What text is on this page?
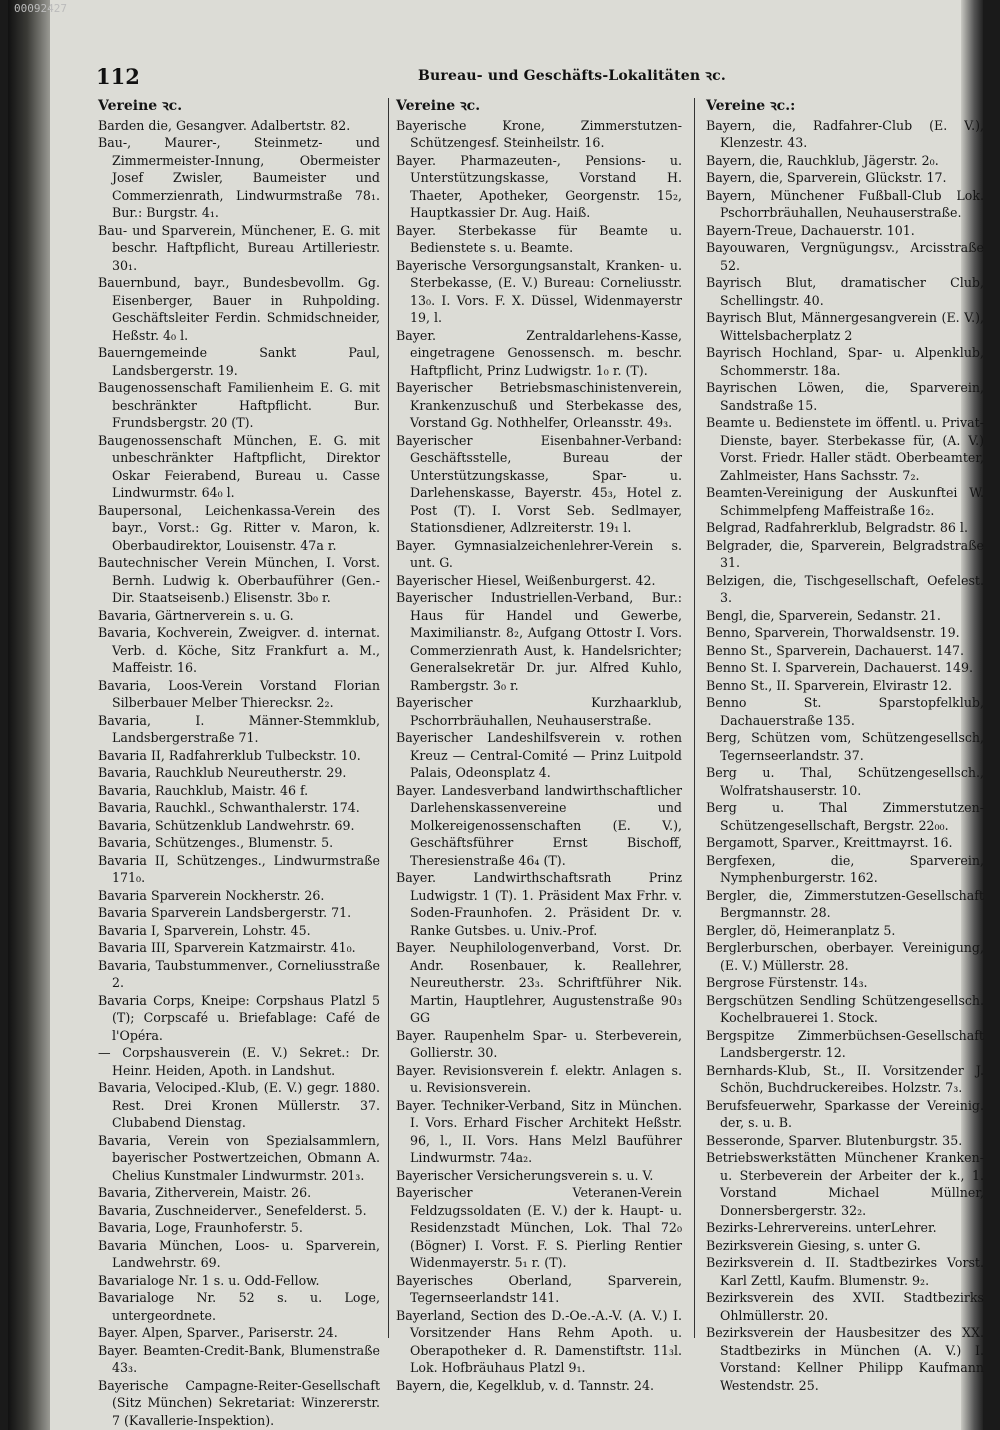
00092427
112	Bureau- und Geschäfts-Lokalitäten ꝛc.
Vereine ꝛc.
Barden die, Gesangver. Adalbertstr. 82.
Bau-, Maurer-, Steinmetz- und Zimmermeister-Innung, Obermeister Josef Zwisler, Baumeister und Commerzienrath, Lindwurmstraße 78₁. Bur.: Burgstr. 4₁.
Bau- und Sparverein, Münchener, E. G. mit beschr. Haftpflicht, Bureau Artilleriestr. 30₁.
Bauernbund, bayr., Bundesbevollm. Gg. Eisenberger, Bauer in Ruhpolding. Geschäftsleiter Ferdin. Schmidschneider, Heßstr. 4₀ l.
Bauerngemeinde Sankt Paul, Landsbergerstr. 19.
Baugenossenschaft Familienheim E. G. mit beschränkter Haftpflicht. Bur. Frundsbergstr. 20 (T).
Baugenossenschaft München, E. G. mit unbeschränkter Haftpflicht, Direktor Oskar Feierabend, Bureau u. Casse Lindwurmstr. 64₀ l.
Baupersonal, Leichenkassa-Verein des bayr., Vorst.: Gg. Ritter v. Maron, k. Oberbaudirektor, Louisenstr. 47a r.
Bautechnischer Verein München, I. Vorst. Bernh. Ludwig k. Oberbauführer (Gen.-Dir. Staatseisenb.) Elisenstr. 3b₀ r.
Bavaria, Gärtnerverein s. u. G.
Bavaria, Kochverein, Zweigver. d. internat. Verb. d. Köche, Sitz Frankfurt a. M., Maffeistr. 16.
Bavaria, Loos-Verein Vorstand Florian Silberbauer Melber Thierecksr. 2₂.
Bavaria, I. Männer-Stemmklub, Landsbergerstraße 71.
Bavaria II, Radfahrerklub Tulbeckstr. 10.
Bavaria, Rauchklub Neureutherstr. 29.
Bavaria, Rauchklub, Maistr. 46 f.
Bavaria, Rauchkl., Schwanthalerstr. 174.
Bavaria, Schützenklub Landwehrstr. 69.
Bavaria, Schützenges., Blumenstr. 5.
Bavaria II, Schützenges., Lindwurmstraße 171₀.
Bavaria Sparverein Nockherstr. 26.
Bavaria Sparverein Landsbergerstr. 71.
Bavaria I, Sparverein, Lohstr. 45.
Bavaria III, Sparverein Katzmairstr. 41₀.
Bavaria, Taubstummenver., Corneliusstraße 2.
Bavaria Corps, Kneipe: Corpshaus Platzl 5 (T); Corpscafé u. Briefablage: Café de l'Opéra.
— Corpshausverein (E. V.) Sekret.: Dr. Heinr. Heiden, Apoth. in Landshut.
Bavaria, Velociped.-Klub, (E. V.) gegr. 1880. Rest. Drei Kronen Müllerstr. 37. Clubabend Dienstag.
Bavaria, Verein von Spezialsammlern, bayerischer Postwertzeichen, Obmann A. Chelius Kunstmaler Lindwurmstr. 201₃.
Bavaria, Zitherverein, Maistr. 26.
Bavaria, Zuschneiderver., Senefelderst. 5.
Bavaria, Loge, Fraunhoferstr. 5.
Bavaria München, Loos- u. Sparverein, Landwehrstr. 69.
Bavarialoge Nr. 1 s. u. Odd-Fellow.
Bavarialoge Nr. 52 s. u. Loge, untergeordnete.
Bayer. Alpen, Sparver., Pariserstr. 24.
Bayer. Beamten-Credit-Bank, Blumenstraße 43₃.
Bayerische Campagne-Reiter-Gesellschaft (Sitz München) Sekretariat: Winzererstr. 7 (Kavallerie-Inspektion).
Vereine ꝛc.
Bayerische Krone, Zimmerstutzen-Schützengesf. Steinheilstr. 16.
Bayer. Pharmazeuten-, Pensions- u. Unterstützungskasse, Vorstand H. Thaeter, Apotheker, Georgenstr. 15₂, Hauptkassier Dr. Aug. Haiß.
Bayer. Sterbekasse für Beamte u. Bedienstete s. u. Beamte.
Bayerische Versorgungsanstalt, Kranken- u. Sterbekasse, (E. V.) Bureau: Corneliusstr. 13₀. I. Vors. F. X. Düssel, Widenmayerstr 19, l.
Bayer. Zentraldarlehens-Kasse, eingetragene Genossensch. m. beschr. Haftpflicht, Prinz Ludwigstr. 1₀ r. (T).
Bayerischer Betriebsmaschinistenverein, Krankenzuschuß und Sterbekasse des, Vorstand Gg. Nothhelfer, Orleansstr. 49₃.
Bayerischer Eisenbahner-Verband: Geschäftsstelle, Bureau der Unterstützungskasse, Spar- u. Darlehenskasse, Bayerstr. 45₃, Hotel z. Post (T). I. Vorst Seb. Sedlmayer, Stationsdiener, Adlzreiterstr. 19₁ l.
Bayer. Gymnasialzeichenlehrer-Verein s. unt. G.
Bayerischer Hiesel, Weißenburgerst. 42.
Bayerischer Industriellen-Verband, Bur.: Haus für Handel und Gewerbe, Maximilianstr. 8₂, Aufgang Ottostr I. Vors. Commerzienrath Aust, k. Handelsrichter; Generalsekretär Dr. jur. Alfred Kuhlo, Rambergstr. 3₀ r.
Bayerischer Kurzhaarklub, Pschorrbräuhallen, Neuhauserstraße.
Bayerischer Landeshilfsverein v. rothen Kreuz — Central-Comité — Prinz Luitpold Palais, Odeonsplatz 4.
Bayer. Landesverband landwirthschaftlicher Darlehenskassenvereine und Molkereigenossenschaften (E. V.), Geschäftsführer Ernst Bischoff, Theresienstraße 46₄ (T).
Bayer. Landwirthschaftsrath Prinz Ludwigstr. 1 (T). 1. Präsident Max Frhr. v. Soden-Fraunhofen. 2. Präsident Dr. v. Ranke Gutsbes. u. Univ.-Prof.
Bayer. Neuphilologenverband, Vorst. Dr. Andr. Rosenbauer, k. Reallehrer, Neureutherstr. 23₃. Schriftführer Nik. Martin, Hauptlehrer, Augustenstraße 90₃ GG
Bayer. Raupenhelm Spar- u. Sterbeverein, Gollierstr. 30.
Bayer. Revisionsverein f. elektr. Anlagen s. u. Revisionsverein.
Bayer. Techniker-Verband, Sitz in München. I. Vors. Erhard Fischer Architekt Heßstr. 96, l., II. Vors. Hans Melzl Bauführer Lindwurmstr. 74a₂.
Bayerischer Versicherungsverein s. u. V.
Bayerischer Veteranen-Verein Feldzugssoldaten (E. V.) der k. Haupt- u. Residenzstadt München, Lok. Thal 72₀ (Bögner) I. Vorst. F. S. Pierling Rentier Widenmayerstr. 5₁ r. (T).
Bayerisches Oberland, Sparverein, Tegernseerlandstr 141.
Bayerland, Section des D.-Oe.-A.-V. (A. V.) I. Vorsitzender Hans Rehm Apoth. u. Oberapotheker d. R. Damenstiftstr. 11₃l. Lok. Hofbräuhaus Platzl 9₁.
Bayern, die, Kegelklub, v. d. Tannstr. 24.
Vereine ꝛc.:
Bayern, die, Radfahrer-Club (E. V.), Klenzestr. 43.
Bayern, die, Rauchklub, Jägerstr. 2₀.
Bayern, die, Sparverein, Glückstr. 17.
Bayern, Münchener Fußball-Club Lok. Pschorrbräuhallen, Neuhauserstraße.
Bayern-Treue, Dachauerstr. 101.
Bayouwaren, Vergnügungsv., Arcisstraße 52.
Bayrisch Blut, dramatischer Club, Schellingstr. 40.
Bayrisch Blut, Männergesangverein (E. V.), Wittelsbacherplatz 2
Bayrisch Hochland, Spar- u. Alpenklub, Schommerstr. 18a.
Bayrischen Löwen, die, Sparverein, Sandstraße 15.
Beamte u. Bedienstete im öffentl. u. Privat-Dienste, bayer. Sterbekasse für, (A. V.) Vorst. Friedr. Haller städt. Oberbeamter, Zahlmeister, Hans Sachsstr. 7₂.
Beamten-Vereinigung der Auskunftei W. Schimmelpfeng Maffeistraße 16₂.
Belgrad, Radfahrerklub, Belgradstr. 86 l.
Belgrader, die, Sparverein, Belgradstraße 31.
Belzigen, die, Tischgesellschaft, Oefelest. 3.
Bengl, die, Sparverein, Sedanstr. 21.
Benno, Sparverein, Thorwaldsenstr. 19.
Benno St., Sparverein, Dachauerst. 147.
Benno St. I. Sparverein, Dachauerst. 149.
Benno St., II. Sparverein, Elvirastr 12.
Benno St. Sparstopfelklub, Dachauerstraße 135.
Berg, Schützen vom, Schützengesellsch, Tegernseerlandstr. 37.
Berg u. Thal, Schützengesellsch., Wolfratshauserstr. 10.
Berg u. Thal Zimmerstutzen-Schützengesellschaft, Bergstr. 22₀₀.
Bergamott, Sparver., Kreittmayrst. 16.
Bergfexen, die, Sparverein, Nymphenburgerstr. 162.
Bergler, die, Zimmerstutzen-Gesellschaft Bergmannstr. 28.
Bergler, dö, Heimeranplatz 5.
Berglerburschen, oberbayer. Vereinigung, (E. V.) Müllerstr. 28.
Bergrose Fürstenstr. 14₃.
Bergschützen Sendling Schützengesellsch. Kochelbrauerei 1. Stock.
Bergspitze Zimmerbüchsen-Gesellschaft Landsbergerstr. 12.
Bernhards-Klub, St., II. Vorsitzender J. Schön, Buchdruckereibes. Holzstr. 7₃.
Berufsfeuerwehr, Sparkasse der Vereinig. der, s. u. B.
Besseronde, Sparver. Blutenburgstr. 35.
Betriebswerkstätten Münchener Kranken- u. Sterbeverein der Arbeiter der k., 1. Vorstand Michael Müllner, Donnersbergerstr. 32₂.
Bezirks-Lehrervereins. unterLehrer.
Bezirksverein Giesing, s. unter G.
Bezirksverein d. II. Stadtbezirkes Vorst. Karl Zettl, Kaufm. Blumenstr. 9₂.
Bezirksverein des XVII. Stadtbezirks Ohlmüllerstr. 20.
Bezirksverein der Hausbesitzer des XX. Stadtbezirks in München (A. V.) I. Vorstand: Kellner Philipp Kaufmann Westendstr. 25.
